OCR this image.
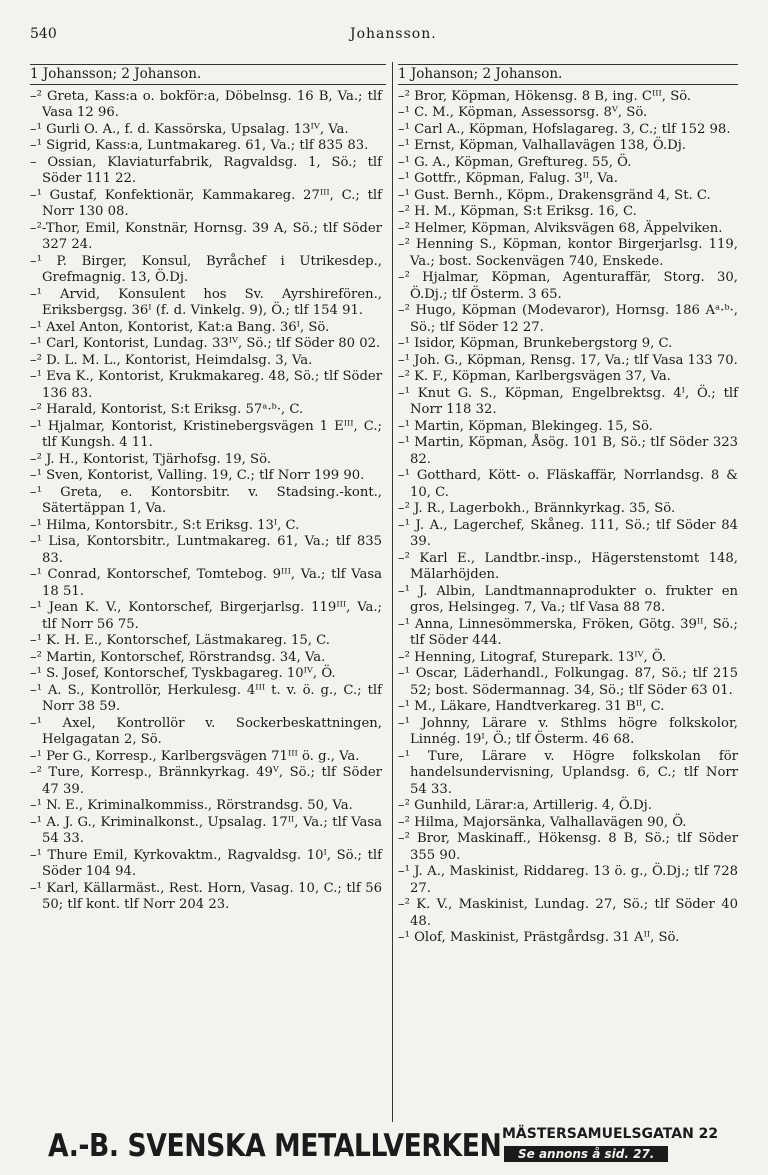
540	Johansson.
1 Johansson; 2 Johanson.

–² Greta, Kass:a o. bokför:a, Döbelnsg. 16 B, Va.; tlf Vasa 12 96.

–¹ Gurli O. A., f. d. Kassörska, Upsalag. 13ᴵⱽ, Va.

–¹ Sigrid, Kass:a, Luntmakareg. 61, Va.; tlf 835 83.

– Ossian, Klaviaturfabrik, Ragvaldsg. 1, Sö.; tlf Söder 111 22.

–¹ Gustaf, Konfektionär, Kammakareg. 27ᴵᴵᴵ, C.; tlf Norr 130 08.

–²-Thor, Emil, Konstnär, Hornsg. 39 A, Sö.; tlf Söder 327 24.

–¹ P. Birger, Konsul, Byråchef i Utrikesdep., Grefmagnig. 13, Ö.Dj.

–¹ Arvid, Konsulent hos Sv. Ayrshirefören., Eriksbergsg. 36ᴵ (f. d. Vinkelg. 9), Ö.; tlf 154 91.

–¹ Axel Anton, Kontorist, Kat:a Bang. 36ᴵ, Sö.

–¹ Carl, Kontorist, Lundag. 33ᴵⱽ, Sö.; tlf Söder 80 02.

–² D. L. M. L., Kontorist, Heimdalsg. 3, Va.

–¹ Eva K., Kontorist, Krukmakareg. 48, Sö.; tlf Söder 136 83.

–² Harald, Kontorist, S:t Eriksg. 57ᵃ·ᵇ·, C.

–¹ Hjalmar, Kontorist, Kristinebergsvägen 1 Eᴵᴵᴵ, C.; tlf Kungsh. 4 11.

–² J. H., Kontorist, Tjärhofsg. 19, Sö.

–¹ Sven, Kontorist, Valling. 19, C.; tlf Norr 199 90.

–¹ Greta, e. Kontorsbitr. v. Stadsing.-kont., Sätertäppan 1, Va.

–¹ Hilma, Kontorsbitr., S:t Eriksg. 13ᴵ, C.

–¹ Lisa, Kontorsbitr., Luntmakareg. 61, Va.; tlf 835 83.

–¹ Conrad, Kontorschef, Tomtebog. 9ᴵᴵᴵ, Va.; tlf Vasa 18 51.

–¹ Jean K. V., Kontorschef, Birgerjarlsg. 119ᴵᴵᴵ, Va.; tlf Norr 56 75.

–¹ K. H. E., Kontorschef, Lästmakareg. 15, C.

–² Martin, Kontorschef, Rörstrandsg. 34, Va.

–¹ S. Josef, Kontorschef, Tyskbagareg. 10ᴵⱽ, Ö.

–¹ A. S., Kontrollör, Herkulesg. 4ᴵᴵᴵ t. v. ö. g., C.; tlf Norr 38 59.

–¹ Axel, Kontrollör v. Sockerbeskattningen, Helgagatan 2, Sö.

–¹ Per G., Korresp., Karlbergsvägen 71ᴵᴵᴵ ö. g., Va.

–² Ture, Korresp., Brännkyrkag. 49ⱽ, Sö.; tlf Söder 47 39.

–¹ N. E., Kriminalkommiss., Rörstrandsg. 50, Va.

–¹ A. J. G., Kriminalkonst., Upsalag. 17ᴵᴵ, Va.; tlf Vasa 54 33.

–¹ Thure Emil, Kyrkovaktm., Ragvaldsg. 10ᴵ, Sö.; tlf Söder 104 94.

–¹ Karl, Källarmäst., Rest. Horn, Vasag. 10, C.; tlf 56 50; tlf kont. tlf Norr 204 23.

1 Johanson; 2 Johanson.

–² Bror, Köpman, Hökensg. 8 B, ing. Cᴵᴵᴵ, Sö.

–¹ C. M., Köpman, Assessorsg. 8ⱽ, Sö.

–¹ Carl A., Köpman, Hofslagareg. 3, C.; tlf 152 98.

–¹ Ernst, Köpman, Valhallavägen 138, Ö.Dj.

–¹ G. A., Köpman, Greftureg. 55, Ö.

–¹ Gottfr., Köpman, Falug. 3ᴵᴵ, Va.

–¹ Gust. Bernh., Köpm., Drakensgränd 4, St. C.

–² H. M., Köpman, S:t Eriksg. 16, C.

–² Helmer, Köpman, Alviksvägen 68, Äppelviken.

–² Henning S., Köpman, kontor Birgerjarlsg. 119, Va.; bost. Sockenvägen 740, Enskede.

–² Hjalmar, Köpman, Agenturaffär, Storg. 30, Ö.Dj.; tlf Österm. 3 65.

–² Hugo, Köpman (Modevaror), Hornsg. 186 Aᵃ·ᵇ·, Sö.; tlf Söder 12 27.

–¹ Isidor, Köpman, Brunkebergstorg 9, C.

–¹ Joh. G., Köpman, Rensg. 17, Va.; tlf Vasa 133 70.

–² K. F., Köpman, Karlbergsvägen 37, Va.

–¹ Knut G. S., Köpman, Engelbrektsg. 4ᴵ, Ö.; tlf Norr 118 32.

–¹ Martin, Köpman, Blekingeg. 15, Sö.

–¹ Martin, Köpman, Åsög. 101 B, Sö.; tlf Söder 323 82.

–¹ Gotthard, Kött- o. Fläskaffär, Norrlandsg. 8 & 10, C.

–² J. R., Lagerbokh., Brännkyrkag. 35, Sö.

–¹ J. A., Lagerchef, Skåneg. 111, Sö.; tlf Söder 84 39.

–² Karl E., Landtbr.-insp., Hägerstenstomt 148, Mälarhöjden.

–¹ J. Albin, Landtmannaprodukter o. frukter en gros, Helsingeg. 7, Va.; tlf Vasa 88 78.

–¹ Anna, Linnesömmerska, Fröken, Götg. 39ᴵᴵ, Sö.; tlf Söder 444.

–² Henning, Litograf, Sturepark. 13ᴵⱽ, Ö.

–¹ Oscar, Läderhandl., Folkungag. 87, Sö.; tlf 215 52; bost. Södermannag. 34, Sö.; tlf Söder 63 01.

–¹ M., Läkare, Handtverkareg. 31 Bᴵᴵ, C.

–¹ Johnny, Lärare v. Sthlms högre folkskolor, Linnég. 19ᴵ, Ö.; tlf Österm. 46 68.

–¹ Ture, Lärare v. Högre folkskolan för handelsundervisning, Uplandsg. 6, C.; tlf Norr 54 33.

–² Gunhild, Lärar:a, Artillerig. 4, Ö.Dj.

–² Hilma, Majorsänka, Valhallavägen 90, Ö.

–² Bror, Maskinaff., Hökensg. 8 B, Sö.; tlf Söder 355 90.

–¹ J. A., Maskinist, Riddareg. 13 ö. g., Ö.Dj.; tlf 728 27.

–² K. V., Maskinist, Lundag. 27, Sö.; tlf Söder 40 48.

–¹ Olof, Maskinist, Prästgårdsg. 31 Aᴵᴵ, Sö.

A.-B. SVENSKA METALLVERKEN MÄSTERSAMUELSGATAN 22
Se annons å sid. 27.
